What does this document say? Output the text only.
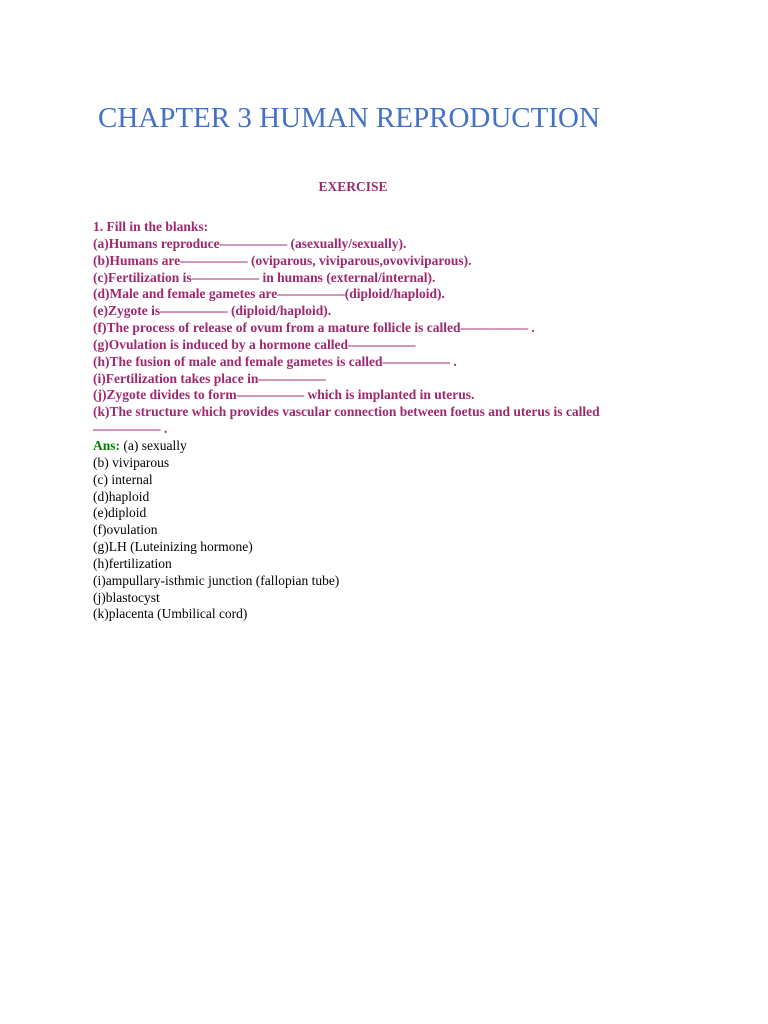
CHAPTER 3 HUMAN REPRODUCTION
EXERCISE
1. Fill in the blanks:
(a)Humans reproduce————— (asexually/sexually).
(b)Humans are————— (oviparous, viviparous,ovoviviparous).
(c)Fertilization is————— in humans (external/internal).
(d)Male and female gametes are—————(diploid/haploid).
(e)Zygote is————— (diploid/haploid).
(f)The process of release of ovum from a mature follicle is called————— .
(g)Ovulation is induced by a hormone called—————
(h)The fusion of male and female gametes is called————— .
(i)Fertilization takes place in—————
(j)Zygote divides to form————— which is implanted in uterus.
(k)The structure which provides vascular connection between foetus and uterus is called
————— .
Ans: (a) sexually
(b) viviparous
(c) internal
(d)haploid
(e)diploid
(f)ovulation
(g)LH (Luteinizing hormone)
(h)fertilization
(i)ampullary-isthmic junction (fallopian tube)
(j)blastocyst
(k)placenta (Umbilical cord)
